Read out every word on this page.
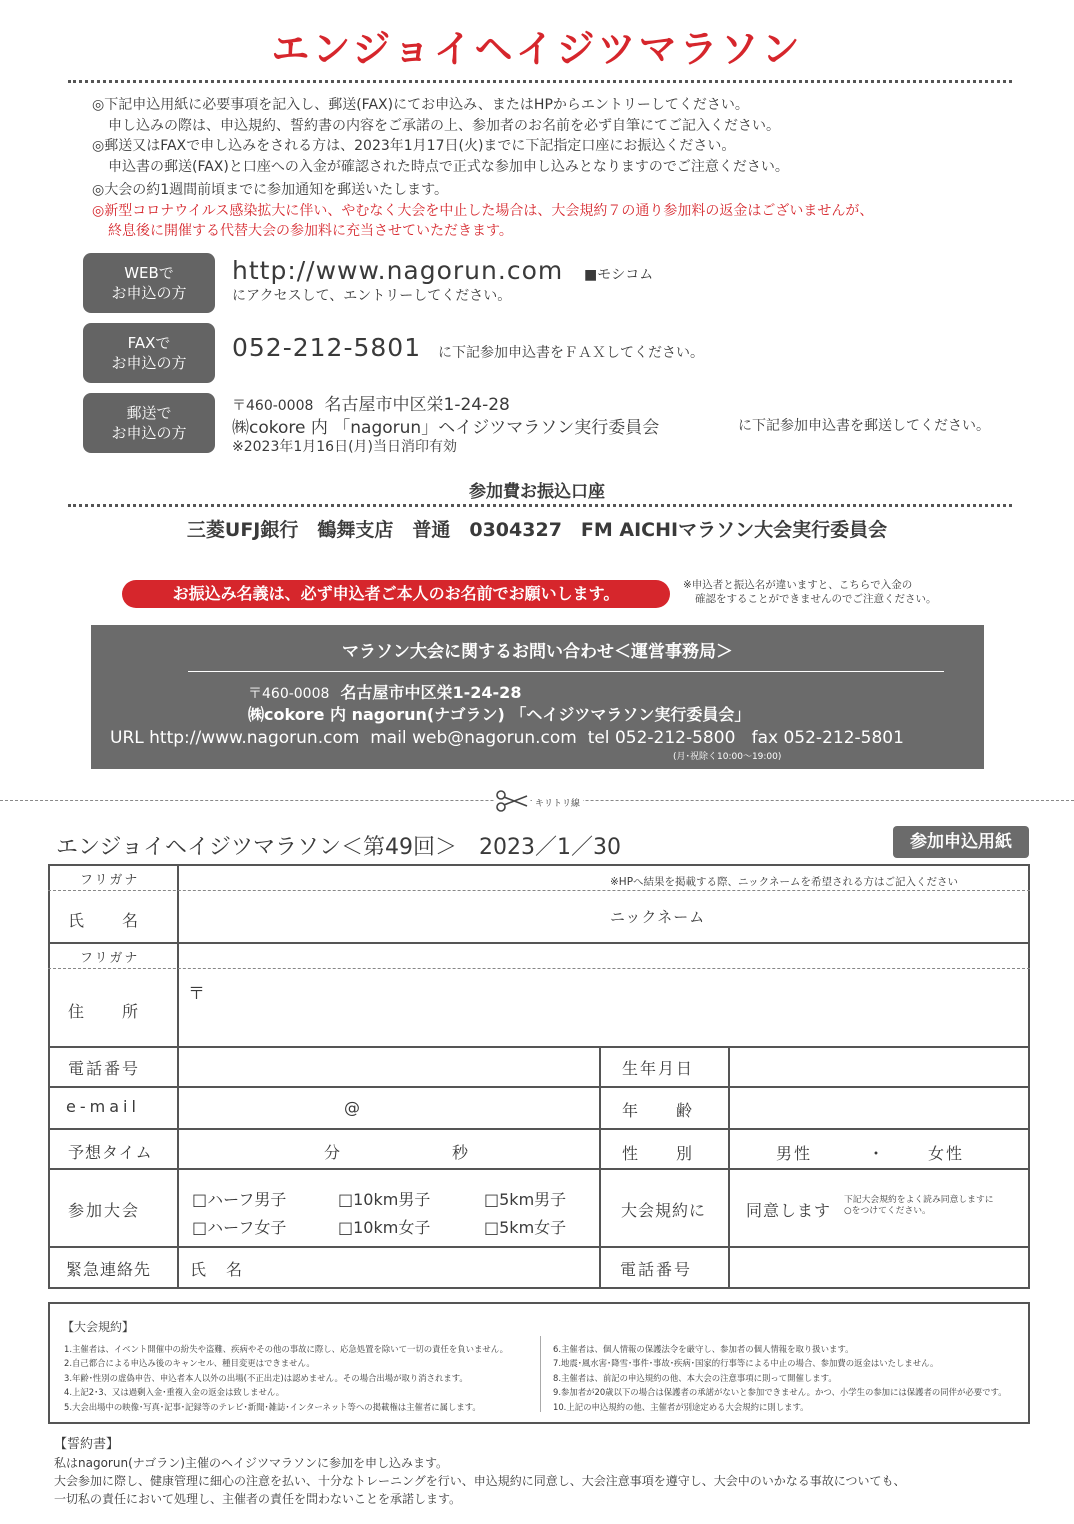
エンジョイヘイジツマラソン

◎下記申込用紙に必要事項を記入し、郵送(FAX)にてお申込み、またはHPからエントリーしてください。

申し込みの際は、申込規約、誓約書の内容をご承諾の上、参加者のお名前を必ず自筆にてご記入ください。

◎郵送又はFAXで申し込みをされる方は、2023年1月17日(火)までに下記指定口座にお振込ください。

申込書の郵送(FAX)と口座への入金が確認された時点で正式な参加申し込みとなりますのでご注意ください。

◎大会の約1週間前頃までに参加通知を郵送いたします。

◎新型コロナウイルス感染拡大に伴い、やむなく大会を中止した場合は、大会規約７の通り参加料の返金はございませんが、

終息後に開催する代替大会の参加料に充当させていただきます。

WEBで
お申込の方
http://www.nagorun.com ■モシコム
にアクセスして、エントリーしてください。
FAXで
お申込の方
052-212-5801 に下記参加申込書をＦＡＸしてください。
郵送で
お申込の方
〒460-0008 名古屋市中区栄1-24-28
㈱cokore 内 「nagorun」ヘイジツマラソン実行委員会	に下記参加申込書を郵送してください。
※2023年1月16日(月)当日消印有効
参加費お振込口座
三菱UFJ銀行　鶴舞支店　普通　0304327　FM AICHIマラソン大会実行委員会
お振込み名義は、必ず申込者ご本人のお名前でお願いします。	※申込者と振込名が違いますと、こちらで入金の
確認をすることができませんのでご注意ください。
マラソン大会に関するお問い合わせ＜運営事務局＞
〒460-0008 名古屋市中区栄1-24-28
㈱cokore 内 nagorun(ナゴラン) 「ヘイジツマラソン実行委員会」
URL http://www.nagorun.com mail web@nagorun.com tel 052-212-5800 fax 052-212-5801
(月･祝除く10:00～19:00)
キリトリ線
エンジョイヘイジツマラソン＜第49回＞　2023／1／30	参加申込用紙
フリガナ	※HPへ結果を掲載する際、ニックネームを希望される方はご記入ください
氏　　名	ニックネーム
フリガナ
〒
住　　所
電話番号	生年月日
e-mail	@	年　　齢
予想タイム	分	秒	性　　別	男性	・	女性
参加大会
□ハーフ男子	□10km男子	□5km男子
□ハーフ女子	□10km女子	□5km女子
大会規約に 同意します
下記大会規約をよく読み同意しますに
○をつけてください。
緊急連絡先 氏　名	電話番号
【大会規約】
1.主催者は、イベント開催中の紛失や盗難、疾病やその他の事故に際し、応急処置を除いて一切の責任を負いません。
2.自己都合による申込み後のキャンセル、種目変更はできません。
3.年齢･性別の虚偽申告、申込者本人以外の出場(不正出走)は認めません。その場合出場が取り消されます。
4.上記2･3、又は過剰入金･重複入金の返金は致しません。
5.大会出場中の映像･写真･記事･記録等のテレビ･新聞･雑誌･インターネット等への掲載権は主催者に属します。
6.主催者は、個人情報の保護法令を厳守し、参加者の個人情報を取り扱います。
7.地震･風水害･降雪･事件･事故･疾病･国家的行事等による中止の場合、参加費の返金はいたしません。
8.主催者は、前記の申込規約の他、本大会の注意事項に則って開催します。
9.参加者が20歳以下の場合は保護者の承諾がないと参加できません。かつ、小学生の参加には保護者の同伴が必要です。
10.上記の申込規約の他、主催者が別途定める大会規約に則します。
【誓約書】
私はnagorun(ナゴラン)主催のヘイジツマラソンに参加を申し込みます。
大会参加に際し、健康管理に細心の注意を払い、十分なトレーニングを行い、申込規約に同意し、大会注意事項を遵守し、大会中のいかなる事故についても、
一切私の責任において処理し、主催者の責任を問わないことを承諾します。
